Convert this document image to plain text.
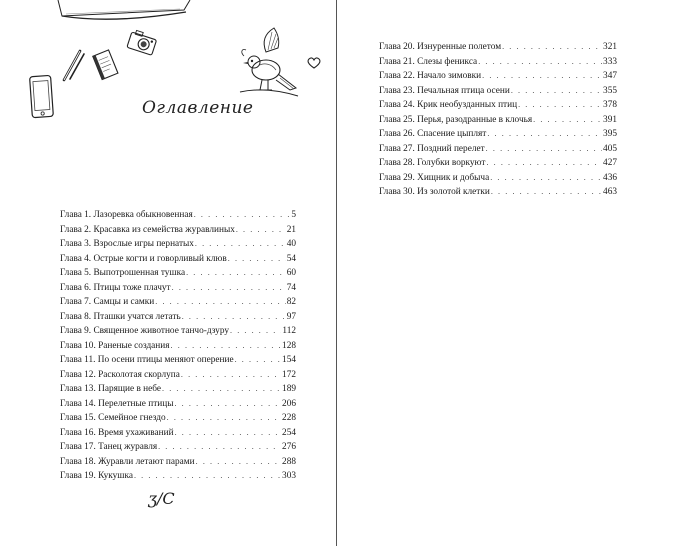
Оглавление
Глава 1. Лазоревка обыкновенная . . .	5
Глава 2. Красавка из семейства журавлиных . . .	21
Глава 3. Взрослые игры пернатых . . .	40
Глава 4. Острые когти и говорливый клюв . . .	54
Глава 5. Выпотрошенная тушка . . .	60
Глава 6. Птицы тоже плачут . . .	74
Глава 7. Самцы и самки . . .	82
Глава 8. Пташки учатся летать . . .	97
Глава 9. Священное животное танчо-дзуру . . .	112
Глава 10. Раненые создания . . .	128
Глава 11. По осени птицы меняют оперение . . .	154
Глава 12. Расколотая скорлупа . . .	172
Глава 13. Парящие в небе . . .	189
Глава 14. Перелетные птицы . . .	206
Глава 15. Семейное гнездо . . .	228
Глава 16. Время ухаживаний . . .	254
Глава 17. Танец журавля . . .	276
Глава 18. Журавли летают парами . . .	288
Глава 19. Кукушка . . .	303
ʒ/С
Глава 20. Изнуренные полетом . . .	321
Глава 21. Слезы феникса . . .	333
Глава 22. Начало зимовки . . .	347
Глава 23. Печальная птица осени . . .	355
Глава 24. Крик необузданных птиц . . .	378
Глава 25. Перья, разодранные в клочья . . .	391
Глава 26. Спасение цыплят . . .	395
Глава 27. Поздний перелет . . .	405
Глава 28. Голубки воркуют . . .	427
Глава 29. Хищник и добыча . . .	436
Глава 30. Из золотой клетки . . .	463
